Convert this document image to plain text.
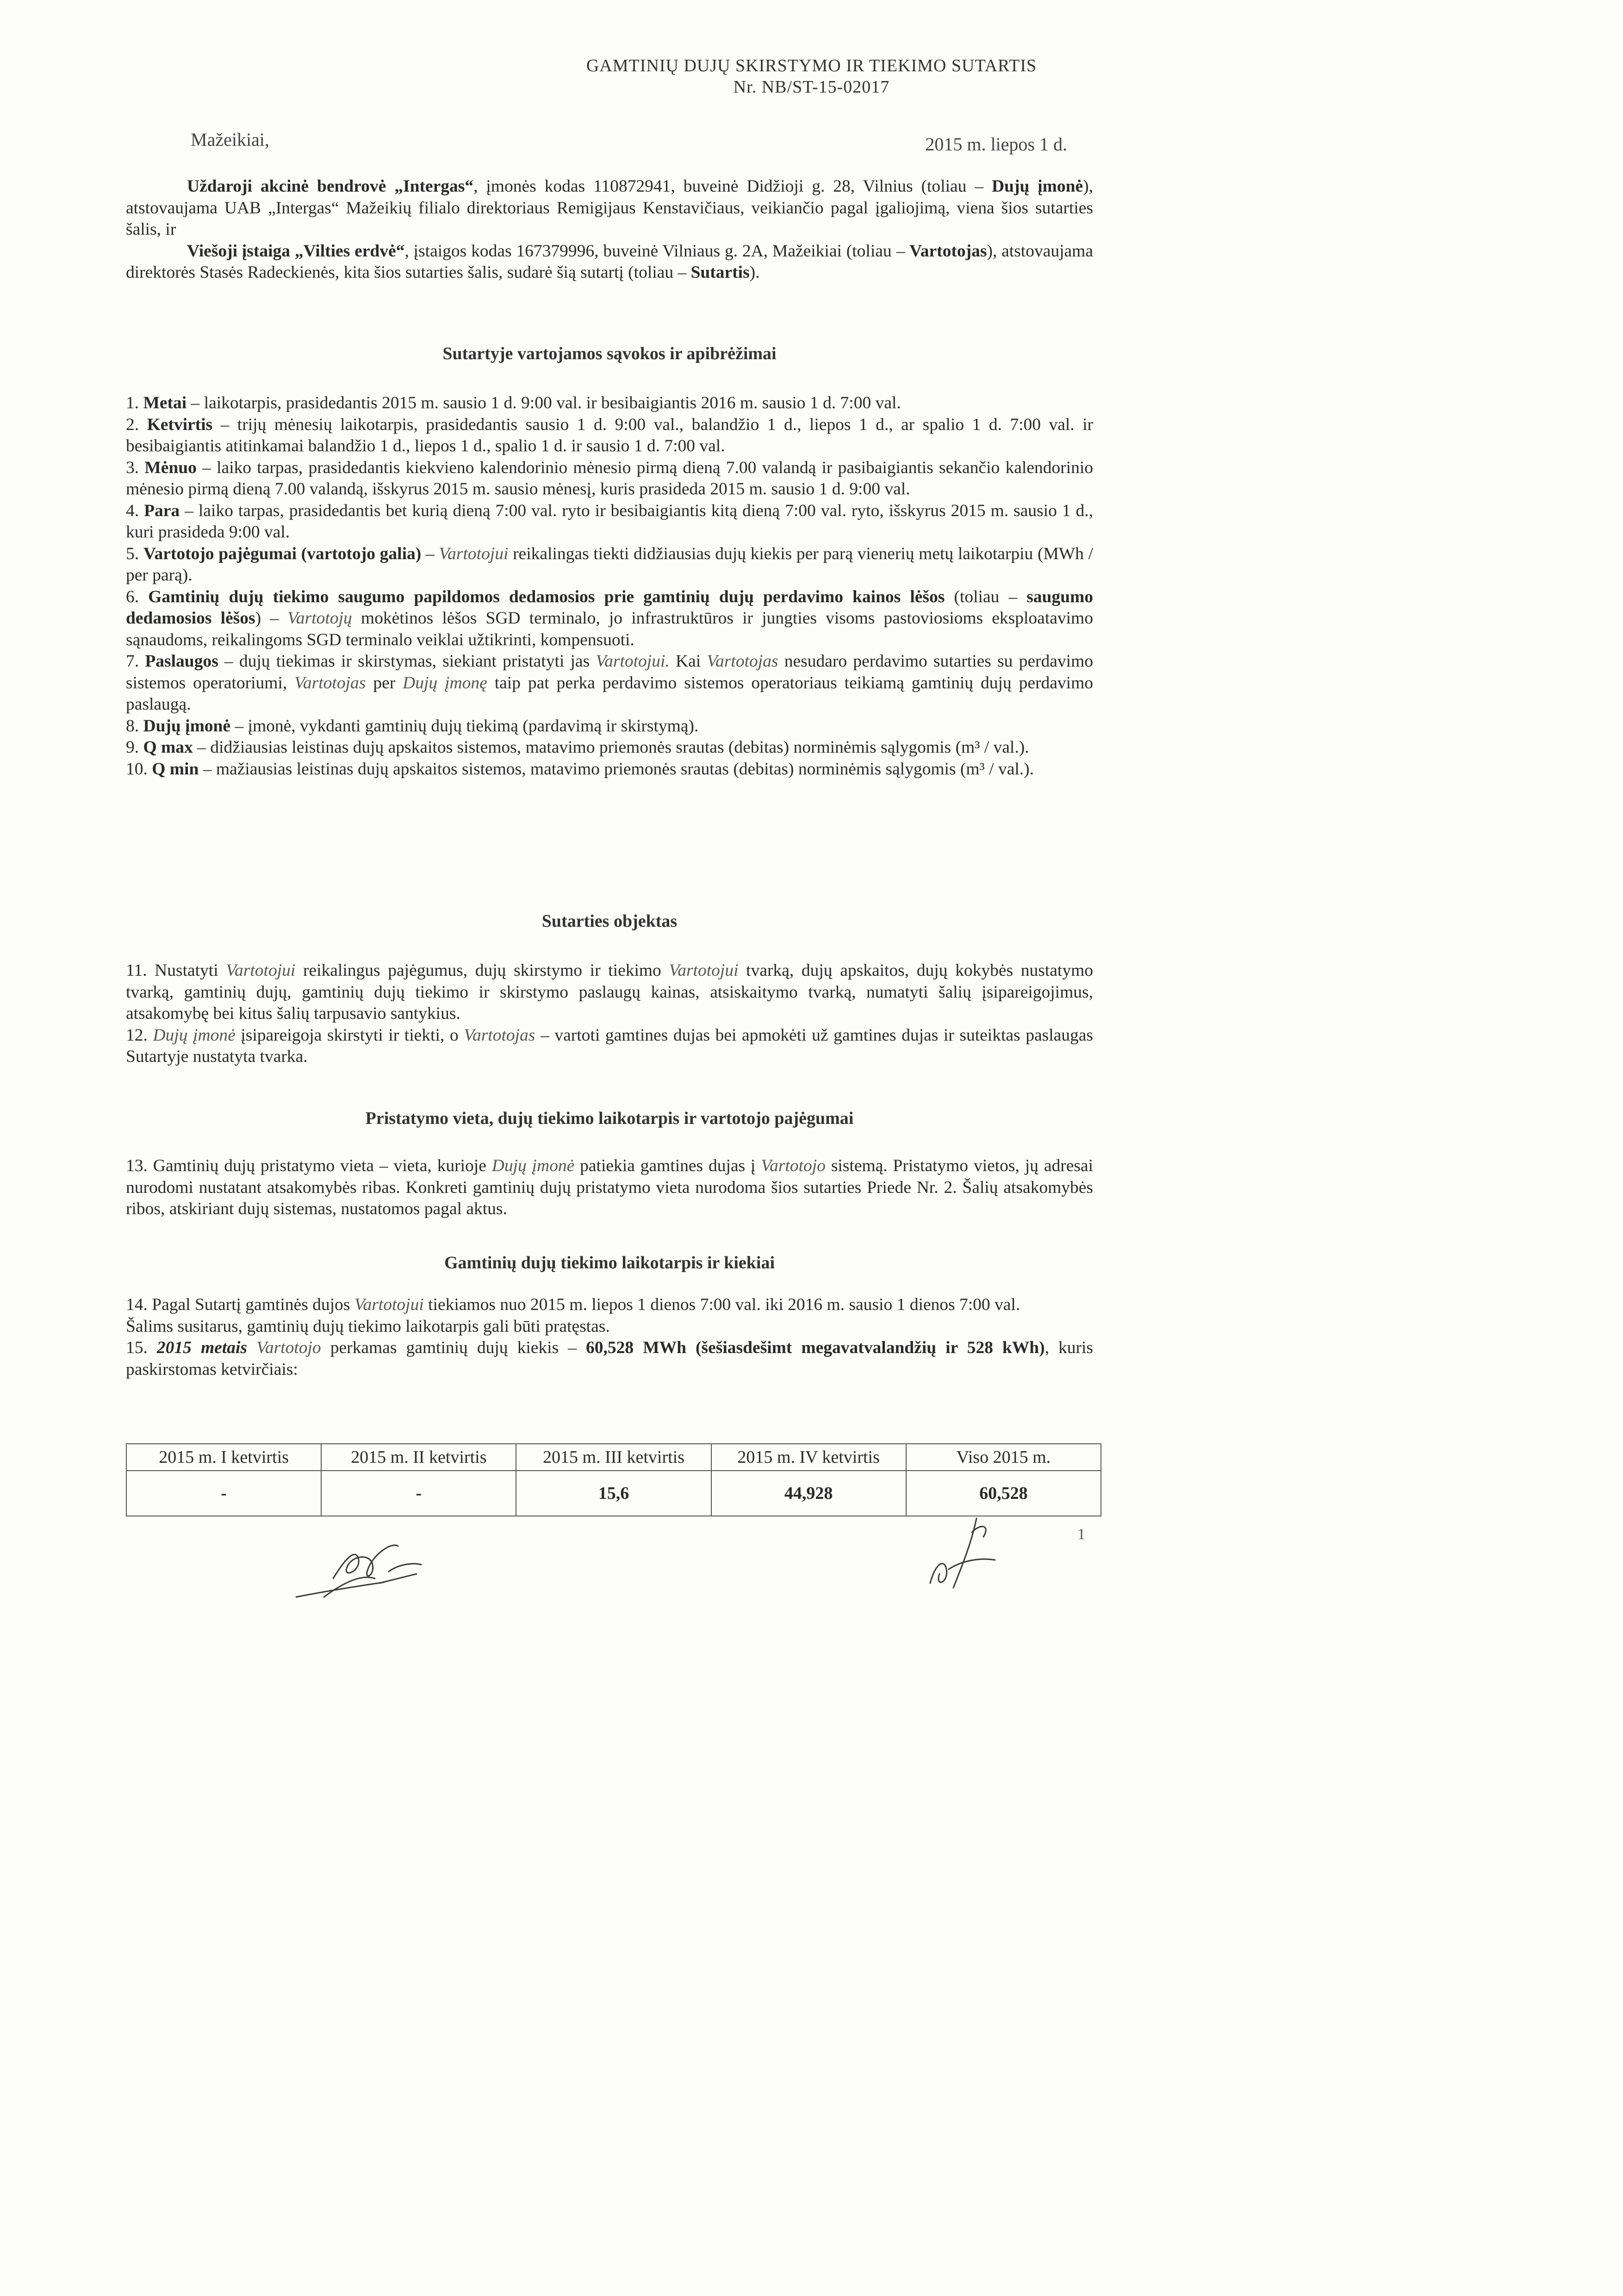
GAMTINIŲ DUJŲ SKIRSTYMO IR TIEKIMO SUTARTIS
Nr. NB/ST-15-02017
Mažeikiai,	2015 m. liepos 1 d.

Uždaroji akcinė bendrovė „Intergas“, įmonės kodas 110872941, buveinė Didžioji g. 28, Vilnius (toliau – Dujų įmonė), atstovaujama UAB „Intergas“ Mažeikių filialo direktoriaus Remigijaus Kenstavičiaus, veikiančio pagal įgaliojimą, viena šios sutarties šalis, ir

Viešoji įstaiga „Vilties erdvė“, įstaigos kodas 167379996, buveinė Vilniaus g. 2A, Mažeikiai (toliau – Vartotojas), atstovaujama direktorės Stasės Radeckienės, kita šios sutarties šalis, sudarė šią sutartį (toliau – Sutartis).

Sutartyje vartojamos sąvokos ir apibrėžimai

1. Metai – laikotarpis, prasidedantis 2015 m. sausio 1 d. 9:00 val. ir besibaigiantis 2016 m. sausio 1 d. 7:00 val.

2. Ketvirtis – trijų mėnesių laikotarpis, prasidedantis sausio 1 d. 9:00 val., balandžio 1 d., liepos 1 d., ar spalio 1 d. 7:00 val. ir besibaigiantis atitinkamai balandžio 1 d., liepos 1 d., spalio 1 d. ir sausio 1 d. 7:00 val.

3. Mėnuo – laiko tarpas, prasidedantis kiekvieno kalendorinio mėnesio pirmą dieną 7.00 valandą ir pasibaigiantis sekančio kalendorinio mėnesio pirmą dieną 7.00 valandą, išskyrus 2015 m. sausio mėnesį, kuris prasideda 2015 m. sausio 1 d. 9:00 val.

4. Para – laiko tarpas, prasidedantis bet kurią dieną 7:00 val. ryto ir besibaigiantis kitą dieną 7:00 val. ryto, išskyrus 2015 m. sausio 1 d., kuri prasideda 9:00 val.

5. Vartotojo pajėgumai (vartotojo galia) – Vartotojui reikalingas tiekti didžiausias dujų kiekis per parą vienerių metų laikotarpiu (MWh / per parą).

6. Gamtinių dujų tiekimo saugumo papildomos dedamosios prie gamtinių dujų perdavimo kainos lėšos (toliau – saugumo dedamosios lėšos) – Vartotojų mokėtinos lėšos SGD terminalo, jo infrastruktūros ir jungties visoms pastoviosioms eksploatavimo sąnaudoms, reikalingoms SGD terminalo veiklai užtikrinti, kompensuoti.

7. Paslaugos – dujų tiekimas ir skirstymas, siekiant pristatyti jas Vartotojui. Kai Vartotojas nesudaro perdavimo sutarties su perdavimo sistemos operatoriumi, Vartotojas per Dujų įmonę taip pat perka perdavimo sistemos operatoriaus teikiamą gamtinių dujų perdavimo paslaugą.

8. Dujų įmonė – įmonė, vykdanti gamtinių dujų tiekimą (pardavimą ir skirstymą).

9. Q max – didžiausias leistinas dujų apskaitos sistemos, matavimo priemonės srautas (debitas) norminėmis sąlygomis (m³ / val.).

10. Q min – mažiausias leistinas dujų apskaitos sistemos, matavimo priemonės srautas (debitas) norminėmis sąlygomis (m³ / val.).

Sutarties objektas

11. Nustatyti Vartotojui reikalingus pajėgumus, dujų skirstymo ir tiekimo Vartotojui tvarką, dujų apskaitos, dujų kokybės nustatymo tvarką, gamtinių dujų, gamtinių dujų tiekimo ir skirstymo paslaugų kainas, atsiskaitymo tvarką, numatyti šalių įsipareigojimus, atsakomybę bei kitus šalių tarpusavio santykius.

12. Dujų įmonė įsipareigoja skirstyti ir tiekti, o Vartotojas – vartoti gamtines dujas bei apmokėti už gamtines dujas ir suteiktas paslaugas Sutartyje nustatyta tvarka.

Pristatymo vieta, dujų tiekimo laikotarpis ir vartotojo pajėgumai

13. Gamtinių dujų pristatymo vieta – vieta, kurioje Dujų įmonė patiekia gamtines dujas į Vartotojo sistemą. Pristatymo vietos, jų adresai nurodomi nustatant atsakomybės ribas. Konkreti gamtinių dujų pristatymo vieta nurodoma šios sutarties Priede Nr. 2. Šalių atsakomybės ribos, atskiriant dujų sistemas, nustatomos pagal aktus.

Gamtinių dujų tiekimo laikotarpis ir kiekiai

14. Pagal Sutartį gamtinės dujos Vartotojui tiekiamos nuo 2015 m. liepos 1 dienos 7:00 val. iki 2016 m. sausio 1 dienos 7:00 val.

Šalims susitarus, gamtinių dujų tiekimo laikotarpis gali būti pratęstas.

15. 2015 metais Vartotojo perkamas gamtinių dujų kiekis – 60,528 MWh (šešiasdešimt megavatvalandžių ir 528 kWh), kuris paskirstomas ketvirčiais:

2015 m. I ketvirtis	2015 m. II ketvirtis	2015 m. III ketvirtis	2015 m. IV ketvirtis	Viso 2015 m.
-	-	15,6	44,928	60,528
1
